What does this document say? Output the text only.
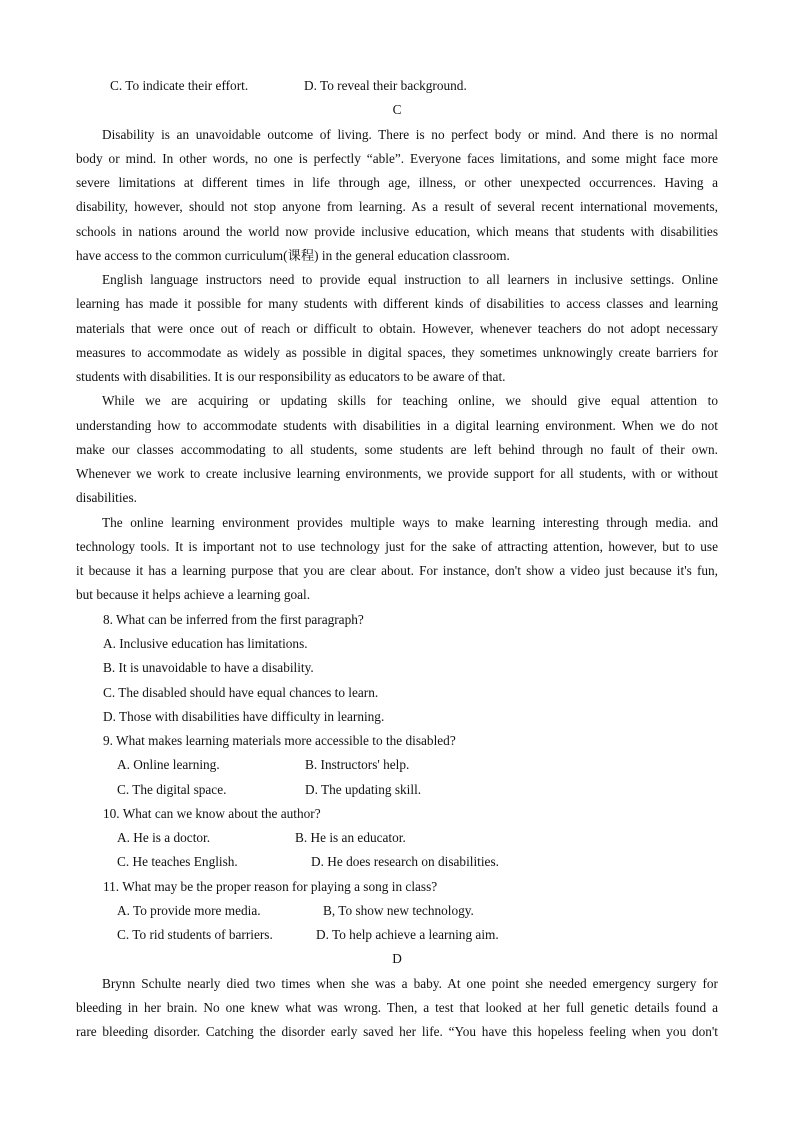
C. To indicate their effort.	D. To reveal their background.
C
Disability is an unavoidable outcome of living. There is no perfect body or mind. And there is no normal
body or mind. In other words, no one is perfectly “able”. Everyone faces limitations, and some might face more
severe limitations at different times in life through age, illness, or other unexpected occurrences. Having a
disability, however, should not stop anyone from learning. As a result of several recent international movements,
schools in nations around the world now provide inclusive education, which means that students with disabilities
have access to the common curriculum(课程) in the general education classroom.
English language instructors need to provide equal instruction to all learners in inclusive settings. Online
learning has made it possible for many students with different kinds of disabilities to access classes and learning
materials that were once out of reach or difficult to obtain. However, whenever teachers do not adopt necessary
measures to accommodate as widely as possible in digital spaces, they sometimes unknowingly create barriers for
students with disabilities. It is our responsibility as educators to be aware of that.
While we are acquiring or updating skills for teaching online, we should give equal attention to
understanding how to accommodate students with disabilities in a digital learning environment. When we do not
make our classes accommodating to all students, some students are left behind through no fault of their own.
Whenever we work to create inclusive learning environments, we provide support for all students, with or without
disabilities.
The online learning environment provides multiple ways to make learning interesting through media. and
technology tools. It is important not to use technology just for the sake of attracting attention, however, but to use
it because it has a learning purpose that you are clear about. For instance, don't show a video just because it's fun,
but because it helps achieve a learning goal.
8. What can be inferred from the first paragraph?
A. Inclusive education has limitations.
B. It is unavoidable to have a disability.
C. The disabled should have equal chances to learn.
D. Those with disabilities have difficulty in learning.
9. What makes learning materials more accessible to the disabled?
A. Online learning.	B. Instructors' help.
C. The digital space.	D. The updating skill.
10. What can we know about the author?
A. He is a doctor.	B. He is an educator.
C. He teaches English.	D. He does research on disabilities.
11. What may be the proper reason for playing a song in class?
A. To provide more media.	B, To show new technology.
C. To rid students of barriers.	D. To help achieve a learning aim.
D
Brynn Schulte nearly died two times when she was a baby. At one point she needed emergency surgery for
bleeding in her brain. No one knew what was wrong. Then, a test that looked at her full genetic details found a
rare bleeding disorder. Catching the disorder early saved her life. “You have this hopeless feeling when you don't
